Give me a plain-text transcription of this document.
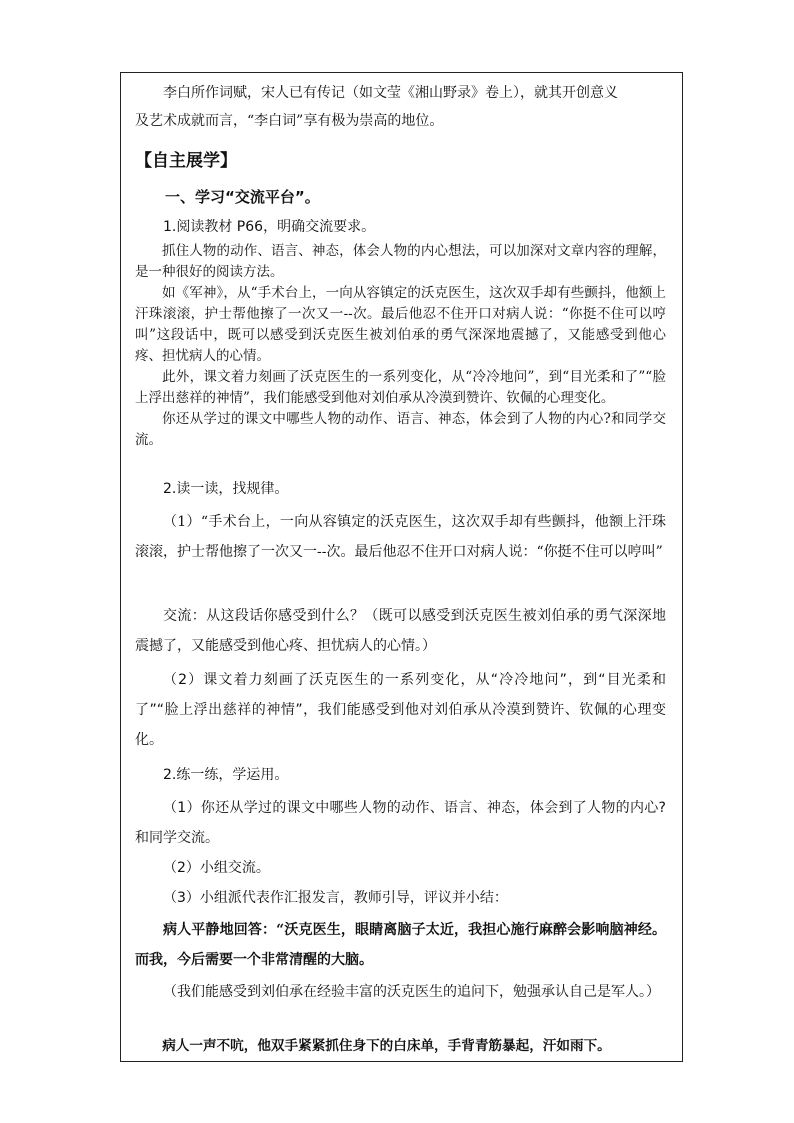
李白所作词赋，宋人已有传记（如文莹《湘山野录》卷上），就其开创意义

及艺术成就而言，“李白词”享有极为崇高的地位。

【自主展学】

一、学习“交流平台”。

1.阅读教材 P66，明确交流要求。

抓住人物的动作、语言、神态，体会人物的内心想法，可以加深对文章内容的理解，是一种很好的阅读方法。

如《军神》，从“手术台上，一向从容镇定的沃克医生，这次双手却有些颤抖，他额上汗珠滚滚，护士帮他擦了一次又一--次。最后他忍不住开口对病人说：“你挺不住可以哼叫”这段话中，既可以感受到沃克医生被刘伯承的勇气深深地震撼了，又能感受到他心疼、担忧病人的心情。

此外，课文着力刻画了沃克医生的一系列变化，从“冷冷地问”，到“目光柔和了”“脸上浮出慈祥的神情”，我们能感受到他对刘伯承从冷漠到赞许、钦佩的心理变化。

你还从学过的课文中哪些人物的动作、语言、神态，体会到了人物的内心?和同学交流。

2.读一读，找规律。

（1）“手术台上，一向从容镇定的沃克医生，这次双手却有些颤抖，他额上汗珠滚滚，护士帮他擦了一次又一--次。最后他忍不住开口对病人说：“你挺不住可以哼叫”

交流：从这段话你感受到什么？（既可以感受到沃克医生被刘伯承的勇气深深地震撼了，又能感受到他心疼、担忧病人的心情。）

（2）课文着力刻画了沃克医生的一系列变化，从“冷冷地问”，到“目光柔和了”“脸上浮出慈祥的神情”，我们能感受到他对刘伯承从冷漠到赞许、钦佩的心理变化。

2.练一练，学运用。

（1）你还从学过的课文中哪些人物的动作、语言、神态，体会到了人物的内心?和同学交流。

（2）小组交流。

（3）小组派代表作汇报发言，教师引导，评议并小结：

病人平静地回答：“沃克医生，眼睛离脑子太近，我担心施行麻醉会影响脑神经。而我，今后需要一个非常清醒的大脑。

（我们能感受到刘伯承在经验丰富的沃克医生的追问下，勉强承认自己是军人。）

病人一声不吭，他双手紧紧抓住身下的白床单，手背青筋暴起，汗如雨下。
